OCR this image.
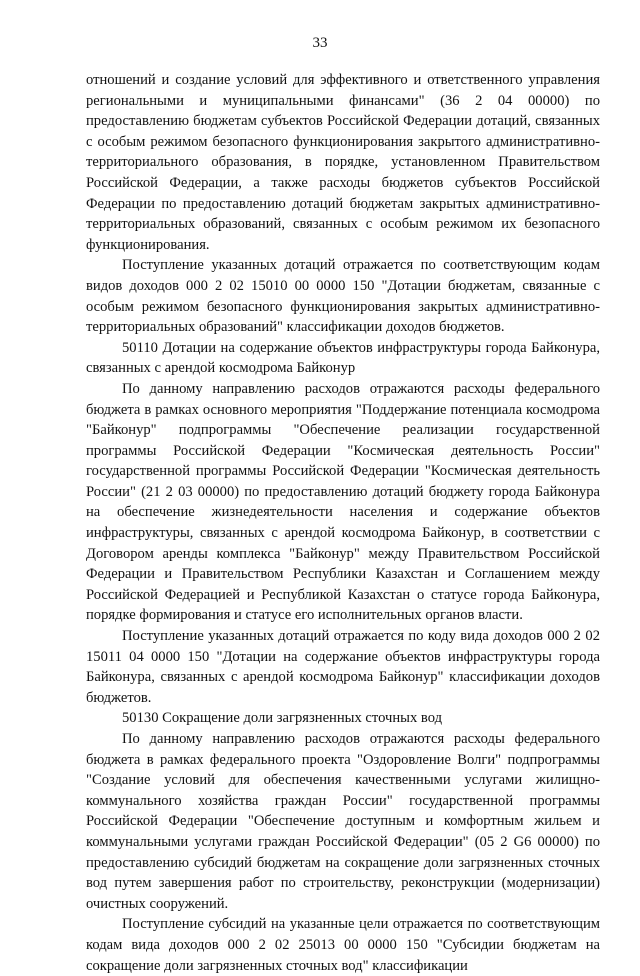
33

отношений и создание условий для эффективного и ответственного управления региональными и муниципальными финансами" (36 2 04 00000) по предоставлению бюджетам субъектов Российской Федерации дотаций, связанных с особым режимом безопасного функционирования закрытого административно-территориального образования, в порядке, установленном Правительством Российской Федерации, а также расходы бюджетов субъектов Российской Федерации по предоставлению дотаций бюджетам закрытых административно-территориальных образований, связанных с особым режимом их безопасного функционирования.

Поступление указанных дотаций отражается по соответствующим кодам видов доходов 000 2 02 15010 00 0000 150 "Дотации бюджетам, связанные с особым режимом безопасного функционирования закрытых административно-территориальных образований" классификации доходов бюджетов.

50110 Дотации на содержание объектов инфраструктуры города Байконура, связанных с арендой космодрома Байконур

По данному направлению расходов отражаются расходы федерального бюджета в рамках основного мероприятия "Поддержание потенциала космодрома "Байконур" подпрограммы "Обеспечение реализации государственной программы Российской Федерации "Космическая деятельность России" государственной программы Российской Федерации "Космическая деятельность России" (21 2 03 00000) по предоставлению дотаций бюджету города Байконура на обеспечение жизнедеятельности населения и содержание объектов инфраструктуры, связанных с арендой космодрома Байконур, в соответствии с Договором аренды комплекса "Байконур" между Правительством Российской Федерации и Правительством Республики Казахстан и Соглашением между Российской Федерацией и Республикой Казахстан о статусе города Байконура, порядке формирования и статусе его исполнительных органов власти.

Поступление указанных дотаций отражается по коду вида доходов 000 2 02 15011 04 0000 150 "Дотации на содержание объектов инфраструктуры города Байконура, связанных с арендой космодрома Байконур" классификации доходов бюджетов.

50130 Сокращение доли загрязненных сточных вод

По данному направлению расходов отражаются расходы федерального бюджета в рамках федерального проекта "Оздоровление Волги" подпрограммы "Создание условий для обеспечения качественными услугами жилищно-коммунального хозяйства граждан России" государственной программы Российской Федерации "Обеспечение доступным и комфортным жильем и коммунальными услугами граждан Российской Федерации" (05 2 G6 00000) по предоставлению субсидий бюджетам на сокращение доли загрязненных сточных вод путем завершения работ по строительству, реконструкции (модернизации) очистных сооружений.

Поступление субсидий на указанные цели отражается по соответствующим кодам вида доходов 000 2 02 25013 00 0000 150 "Субсидии бюджетам на сокращение доли загрязненных сточных вод" классификации
